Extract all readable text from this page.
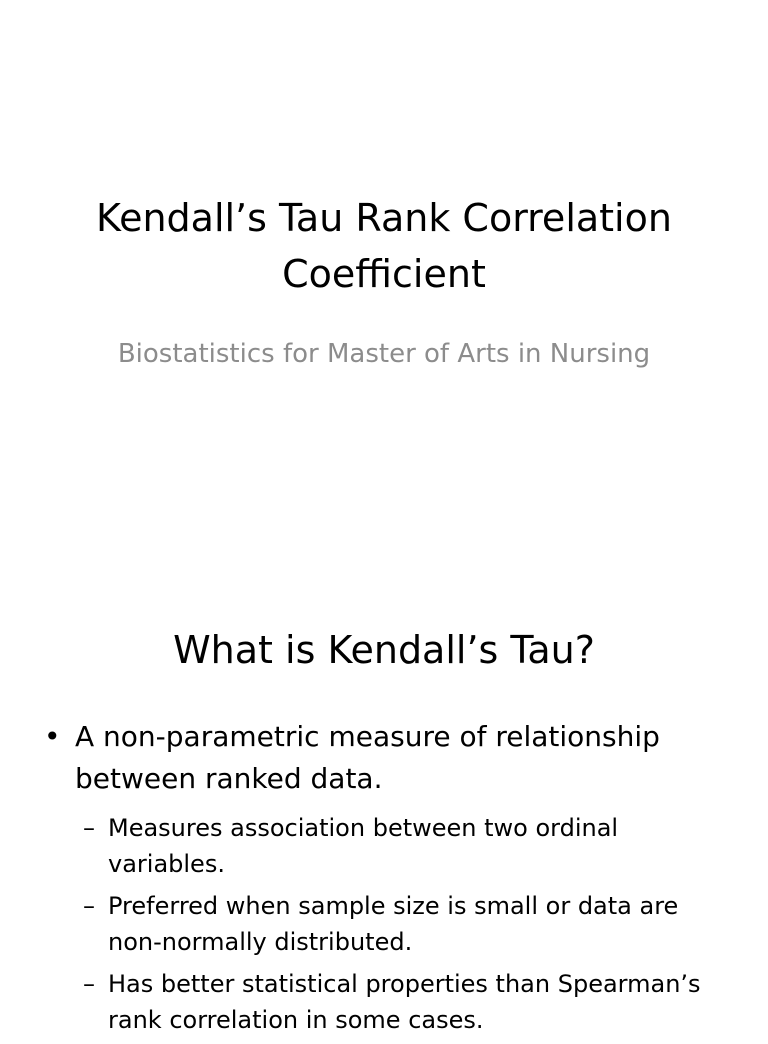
Kendall’s Tau Rank Correlation Coefficient

Biostatistics for Master of Arts in Nursing

What is Kendall’s Tau?
• A non-parametric measure of relationship between ranked data.
– Measures association between two ordinal variables.
– Preferred when sample size is small or data are non-normally distributed.
– Has better statistical properties than Spearman’s rank correlation in some cases.
